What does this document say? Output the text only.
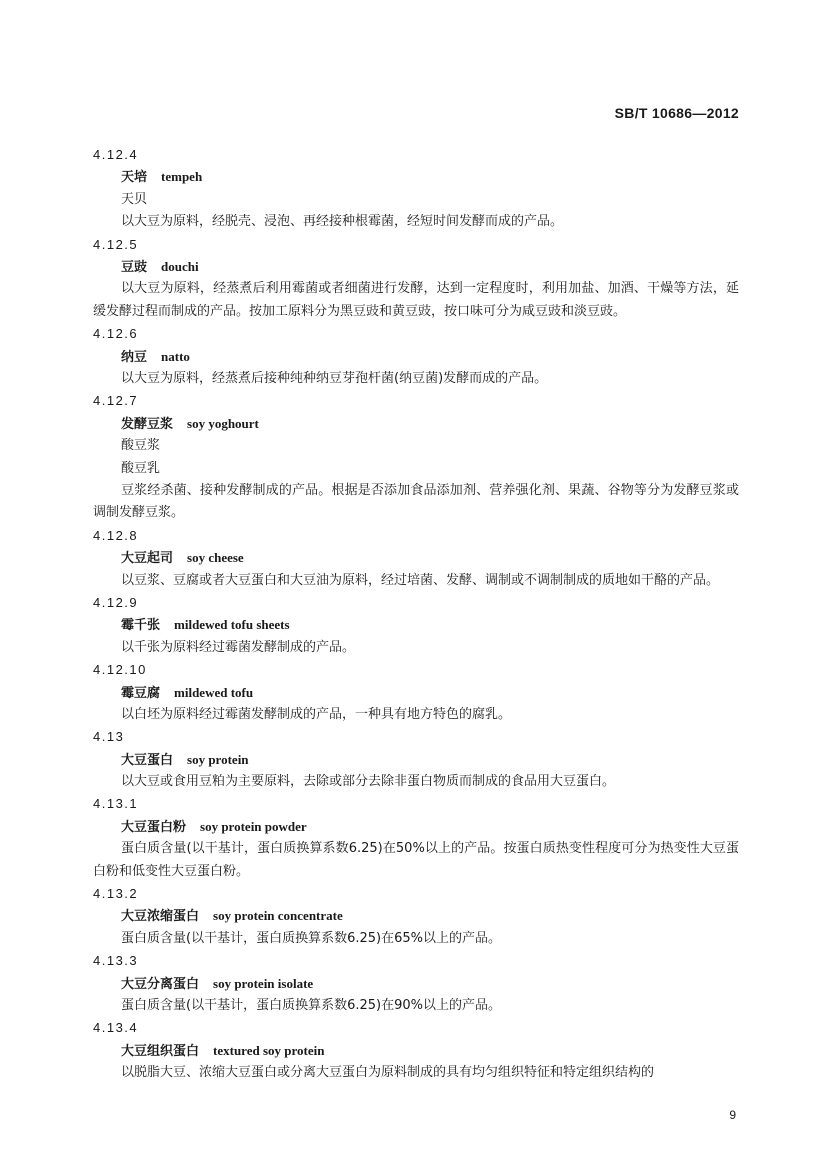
SB/T 10686—2012
4.12.4
天培 tempeh
天贝

以大豆为原料，经脱壳、浸泡、再经接种根霉菌，经短时间发酵而成的产品。

4.12.5
豆豉 douchi

以大豆为原料，经蒸煮后利用霉菌或者细菌进行发酵，达到一定程度时，利用加盐、加酒、干燥等方法，延缓发酵过程而制成的产品。按加工原料分为黑豆豉和黄豆豉，按口味可分为咸豆豉和淡豆豉。

4.12.6
纳豆 natto

以大豆为原料，经蒸煮后接种纯种纳豆芽孢杆菌(纳豆菌)发酵而成的产品。

4.12.7
发酵豆浆 soy yoghourt
酸豆浆
酸豆乳

豆浆经杀菌、接种发酵制成的产品。根据是否添加食品添加剂、营养强化剂、果蔬、谷物等分为发酵豆浆或调制发酵豆浆。

4.12.8
大豆起司 soy cheese

以豆浆、豆腐或者大豆蛋白和大豆油为原料，经过培菌、发酵、调制或不调制制成的质地如干酪的产品。

4.12.9
霉千张 mildewed tofu sheets

以千张为原料经过霉菌发酵制成的产品。

4.12.10
霉豆腐 mildewed tofu

以白坯为原料经过霉菌发酵制成的产品，一种具有地方特色的腐乳。

4.13
大豆蛋白 soy protein

以大豆或食用豆粕为主要原料，去除或部分去除非蛋白物质而制成的食品用大豆蛋白。

4.13.1
大豆蛋白粉 soy protein powder

蛋白质含量(以干基计，蛋白质换算系数6.25)在50%以上的产品。按蛋白质热变性程度可分为热变性大豆蛋白粉和低变性大豆蛋白粉。

4.13.2
大豆浓缩蛋白 soy protein concentrate

蛋白质含量(以干基计，蛋白质换算系数6.25)在65%以上的产品。

4.13.3
大豆分离蛋白 soy protein isolate

蛋白质含量(以干基计，蛋白质换算系数6.25)在90%以上的产品。

4.13.4
大豆组织蛋白 textured soy protein

以脱脂大豆、浓缩大豆蛋白或分离大豆蛋白为原料制成的具有均匀组织特征和特定组织结构的

9
